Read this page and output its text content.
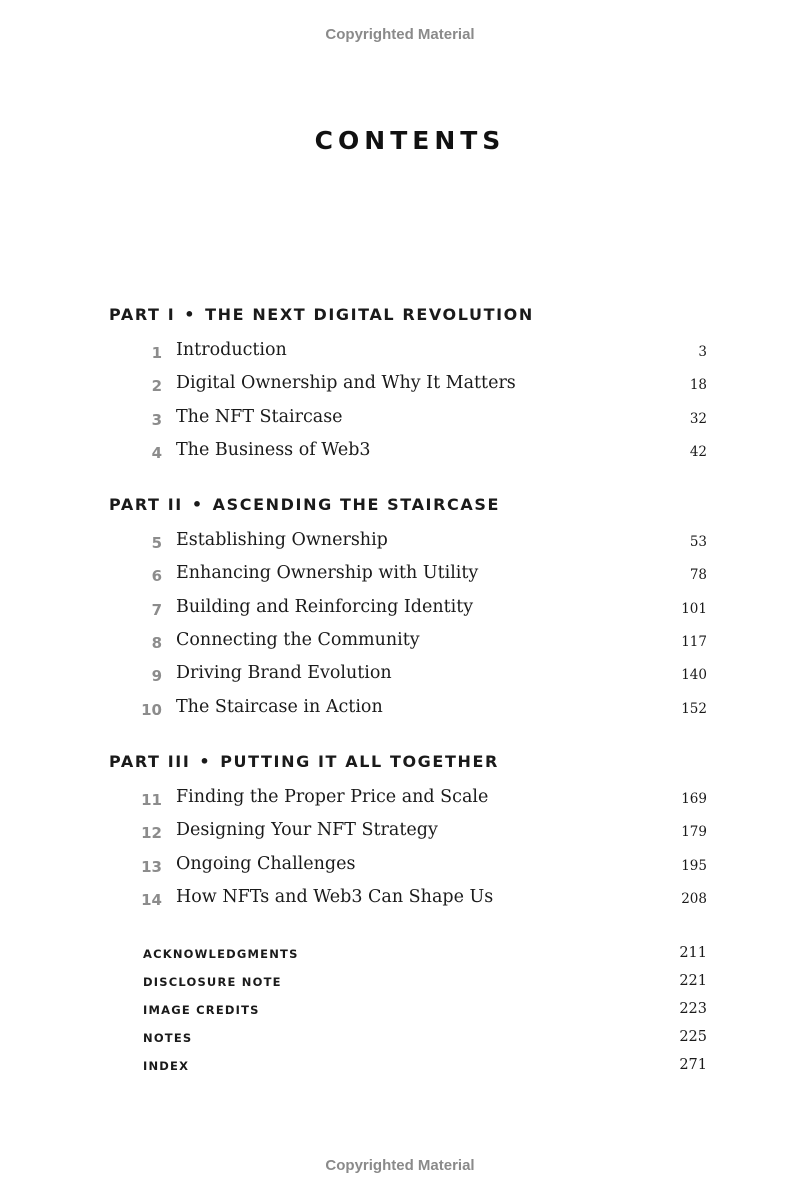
Copyrighted Material
CONTENTS
PART I • THE NEXT DIGITAL REVOLUTION
1 Introduction	3
2 Digital Ownership and Why It Matters	18
3 The NFT Staircase	32
4 The Business of Web3	42
PART II • ASCENDING THE STAIRCASE
5 Establishing Ownership	53
6 Enhancing Ownership with Utility	78
7 Building and Reinforcing Identity	101
8 Connecting the Community	117
9 Driving Brand Evolution	140
10 The Staircase in Action	152
PART III • PUTTING IT ALL TOGETHER
11 Finding the Proper Price and Scale	169
12 Designing Your NFT Strategy	179
13 Ongoing Challenges	195
14 How NFTs and Web3 Can Shape Us	208
ACKNOWLEDGMENTS	211
DISCLOSURE NOTE	221
IMAGE CREDITS	223
NOTES	225
INDEX	271
Copyrighted Material
